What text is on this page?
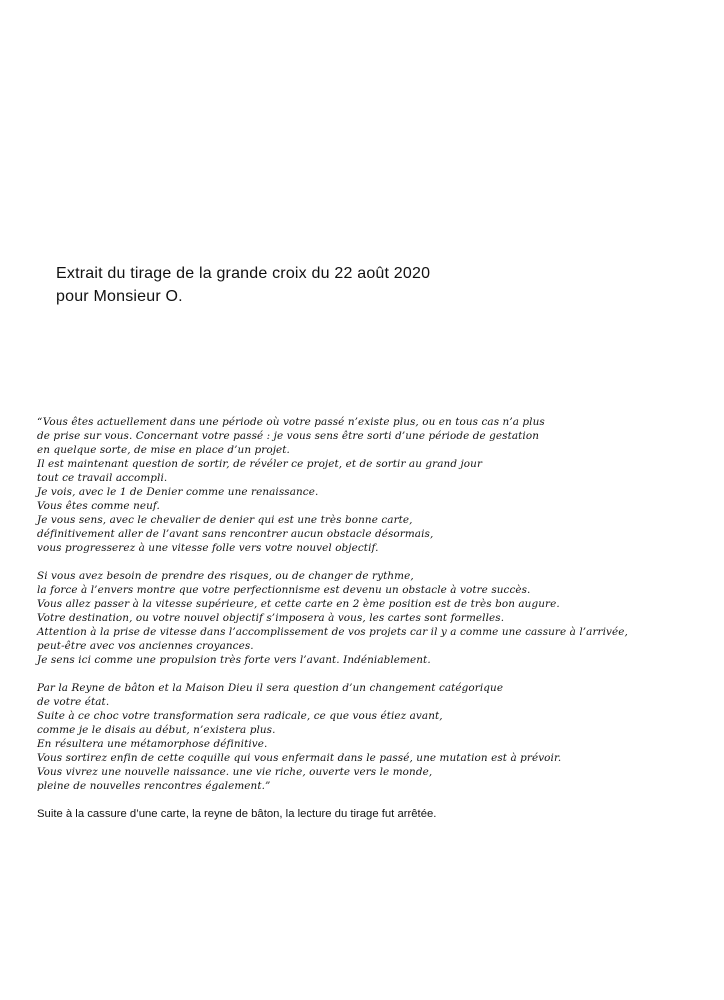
Extrait du tirage de la grande croix du 22 août 2020
pour Monsieur O.
“Vous êtes actuellement dans une période où votre passé n’existe plus, ou en tous cas n’a plus
de prise sur vous. Concernant votre passé : je vous sens être sorti d’une période de gestation
en quelque sorte, de mise en place d’un projet.
Il est maintenant question de sortir, de révéler ce projet, et de sortir au grand jour
tout ce travail accompli.
Je vois, avec le 1 de Denier comme une renaissance.
Vous êtes comme neuf.
Je vous sens, avec le chevalier de denier qui est une très bonne carte,
définitivement aller de l’avant sans rencontrer aucun obstacle désormais,
vous progresserez à une vitesse folle vers votre nouvel objectif.
Si vous avez besoin de prendre des risques, ou de changer de rythme,
la force à l’envers montre que votre perfectionnisme est devenu un obstacle à votre succès.
Vous allez passer à la vitesse supérieure, et cette carte en 2 ème position est de très bon augure.
Votre destination, ou votre nouvel objectif s’imposera à vous, les cartes sont formelles.
Attention à la prise de vitesse dans l’accomplissement de vos projets car il y a comme une cassure à l’arrivée,
peut-être avec vos anciennes croyances.
Je sens ici comme une propulsion très forte vers l’avant. Indéniablement.
Par la Reyne de bâton et la Maison Dieu il sera question d’un changement catégorique
de votre état.
Suite à ce choc votre transformation sera radicale, ce que vous étiez avant,
comme je le disais au début, n’existera plus.
En résultera une métamorphose définitive.
Vous sortirez enfin de cette coquille qui vous enfermait dans le passé, une mutation est à prévoir.
Vous vivrez une nouvelle naissance. une vie riche, ouverte vers le monde,
pleine de nouvelles rencontres également.”

Suite à la cassure d’une carte, la reyne de bâton, la lecture du tirage fut arrêtée.
